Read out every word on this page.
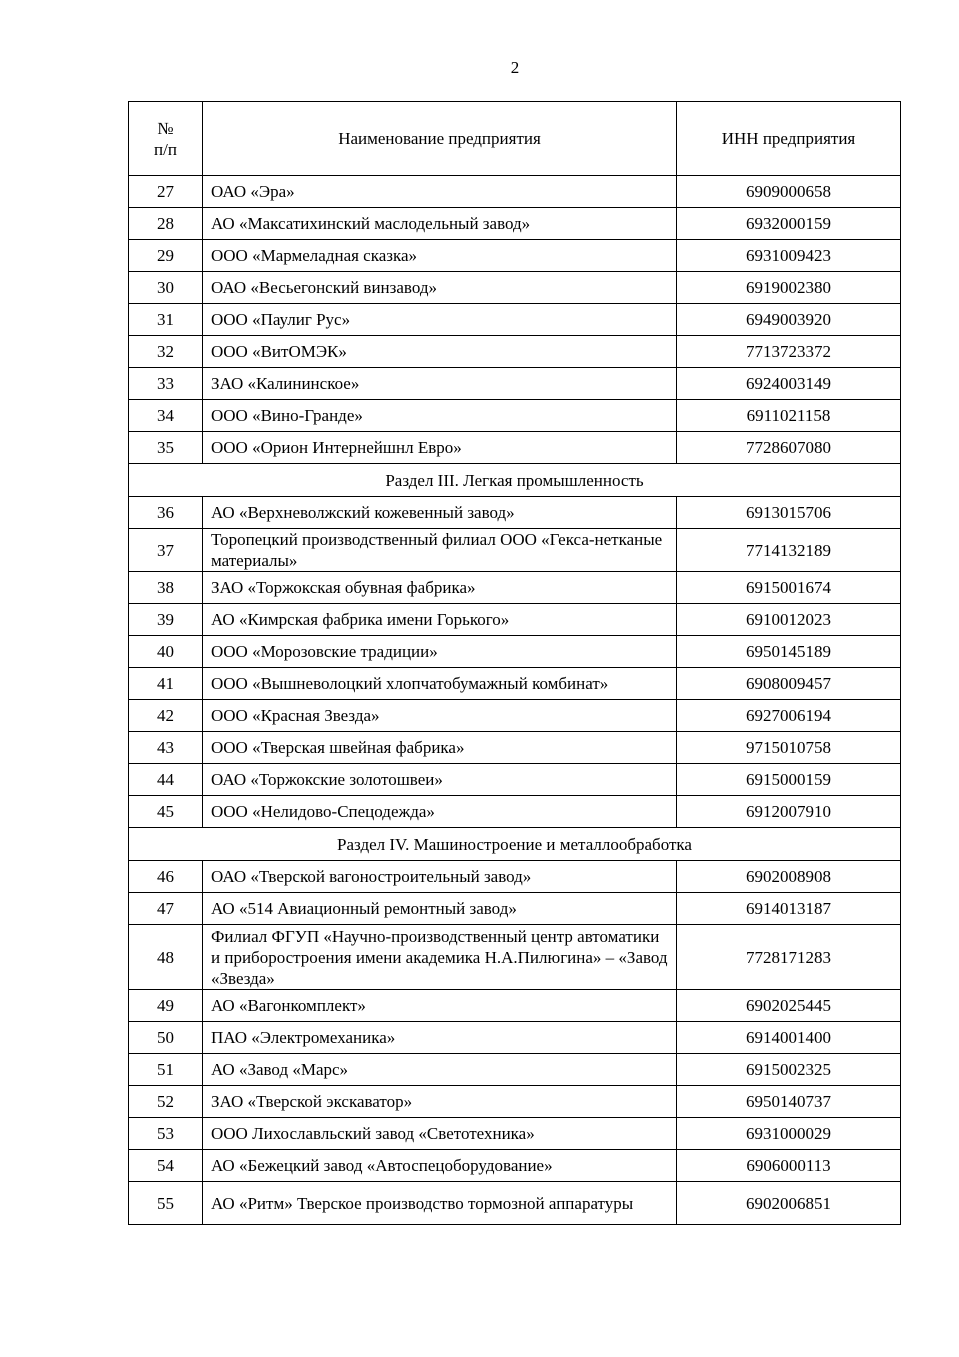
2
№ п/п	Наименование предприятия	ИНН предприятия
27	ОАО «Эра»	6909000658
28	АО «Максатихинский маслодельный завод»	6932000159
29	ООО «Мармеладная сказка»	6931009423
30	ОАО «Весьегонский винзавод»	6919002380
31	ООО «Паулиг Рус»	6949003920
32	ООО «ВитОМЭК»	7713723372
33	ЗАО «Калининское»	6924003149
34	ООО «Вино-Гранде»	6911021158
35	ООО «Орион Интернейшнл Евро»	7728607080
Раздел III. Легкая промышленность		
36	АО «Верхневолжский кожевенный завод»	6913015706
37	Торопецкий производственный филиал ООО «Гекса-нетканые материалы»	7714132189
38	ЗАО «Торжокская обувная фабрика»	6915001674
39	АО «Кимрская фабрика имени Горького»	6910012023
40	ООО «Морозовские традиции»	6950145189
41	ООО «Вышневолоцкий хлопчатобумажный комбинат»	6908009457
42	ООО «Красная Звезда»	6927006194
43	ООО «Тверская швейная фабрика»	9715010758
44	ОАО «Торжокские золотошвеи»	6915000159
45	ООО «Нелидово-Спецодежда»	6912007910
Раздел IV. Машиностроение и металлообработка		
46	ОАО «Тверской вагоностроительный завод»	6902008908
47	АО «514 Авиационный ремонтный завод»	6914013187
48	Филиал ФГУП «Научно-производственный центр автоматики и приборостроения имени академика Н.А.Пилюгина» – «Завод «Звезда»	7728171283
49	АО «Вагонкомплект»	6902025445
50	ПАО «Электромеханика»	6914001400
51	АО «Завод «Марс»	6915002325
52	ЗАО «Тверской экскаватор»	6950140737
53	ООО Лихославльский завод «Светотехника»	6931000029
54	АО «Бежецкий завод «Автоспецоборудование»	6906000113
55	АО «Ритм» Тверское производство тормозной аппаратуры	6902006851
